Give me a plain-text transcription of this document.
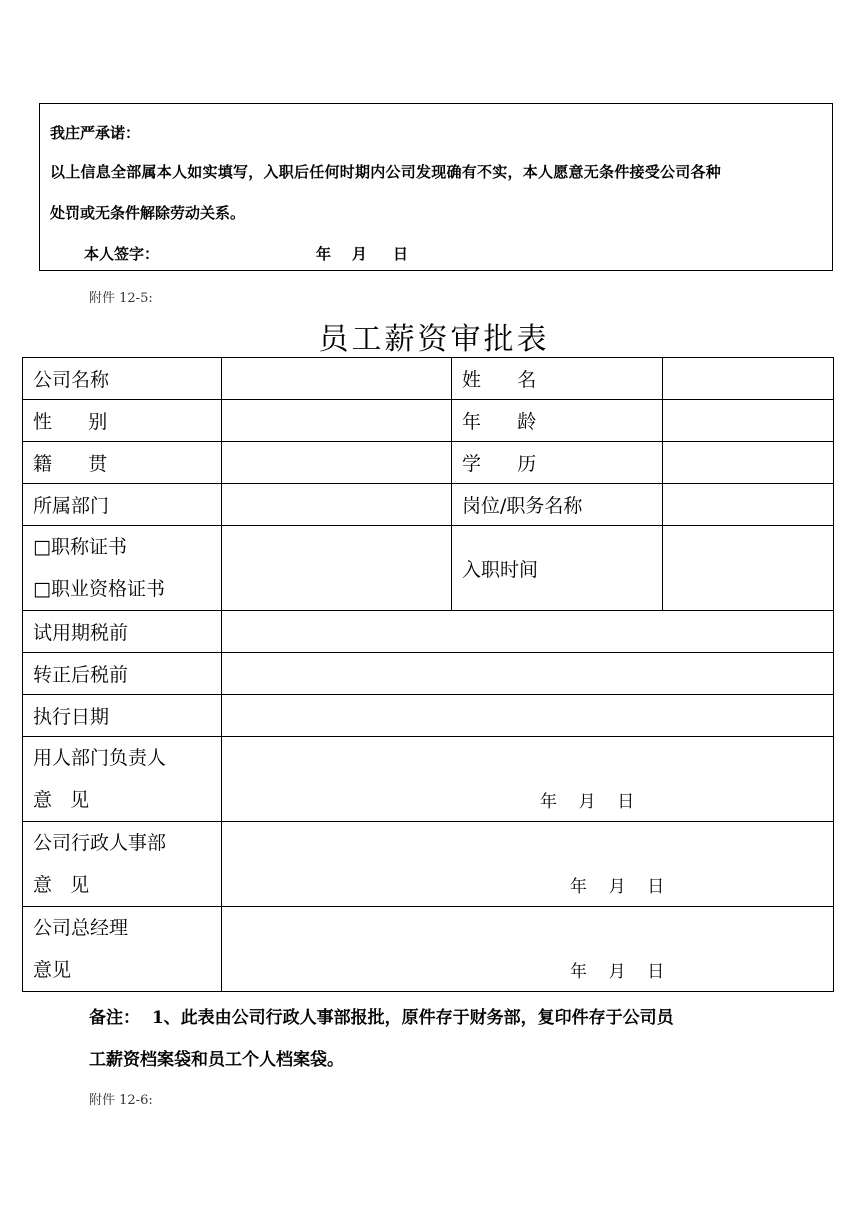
我庄严承诺：
以上信息全部属本人如实填写，入职后任何时期内公司发现确有不实，本人愿意无条件接受公司各种
处罚或无条件解除劳动关系。
本人签字：	年    月     日
附件 12-5:
员工薪资审批表
公司名称		姓      名	
性      别		年      龄	
籍      贯		学      历	
所属部门		岗位/职务名称	

□职称证书
□职业资格证书		入职时间	
试用期税前			
转正后税前			
执行日期			

用人部门负责人
意   见	年    月    日		

公司行政人事部
意   见	年    月    日		

公司总经理
意见	年    月    日		
备注：  1、此表由公司行政人事部报批，原件存于财务部，复印件存于公司员
工薪资档案袋和员工个人档案袋。
附件 12-6:
